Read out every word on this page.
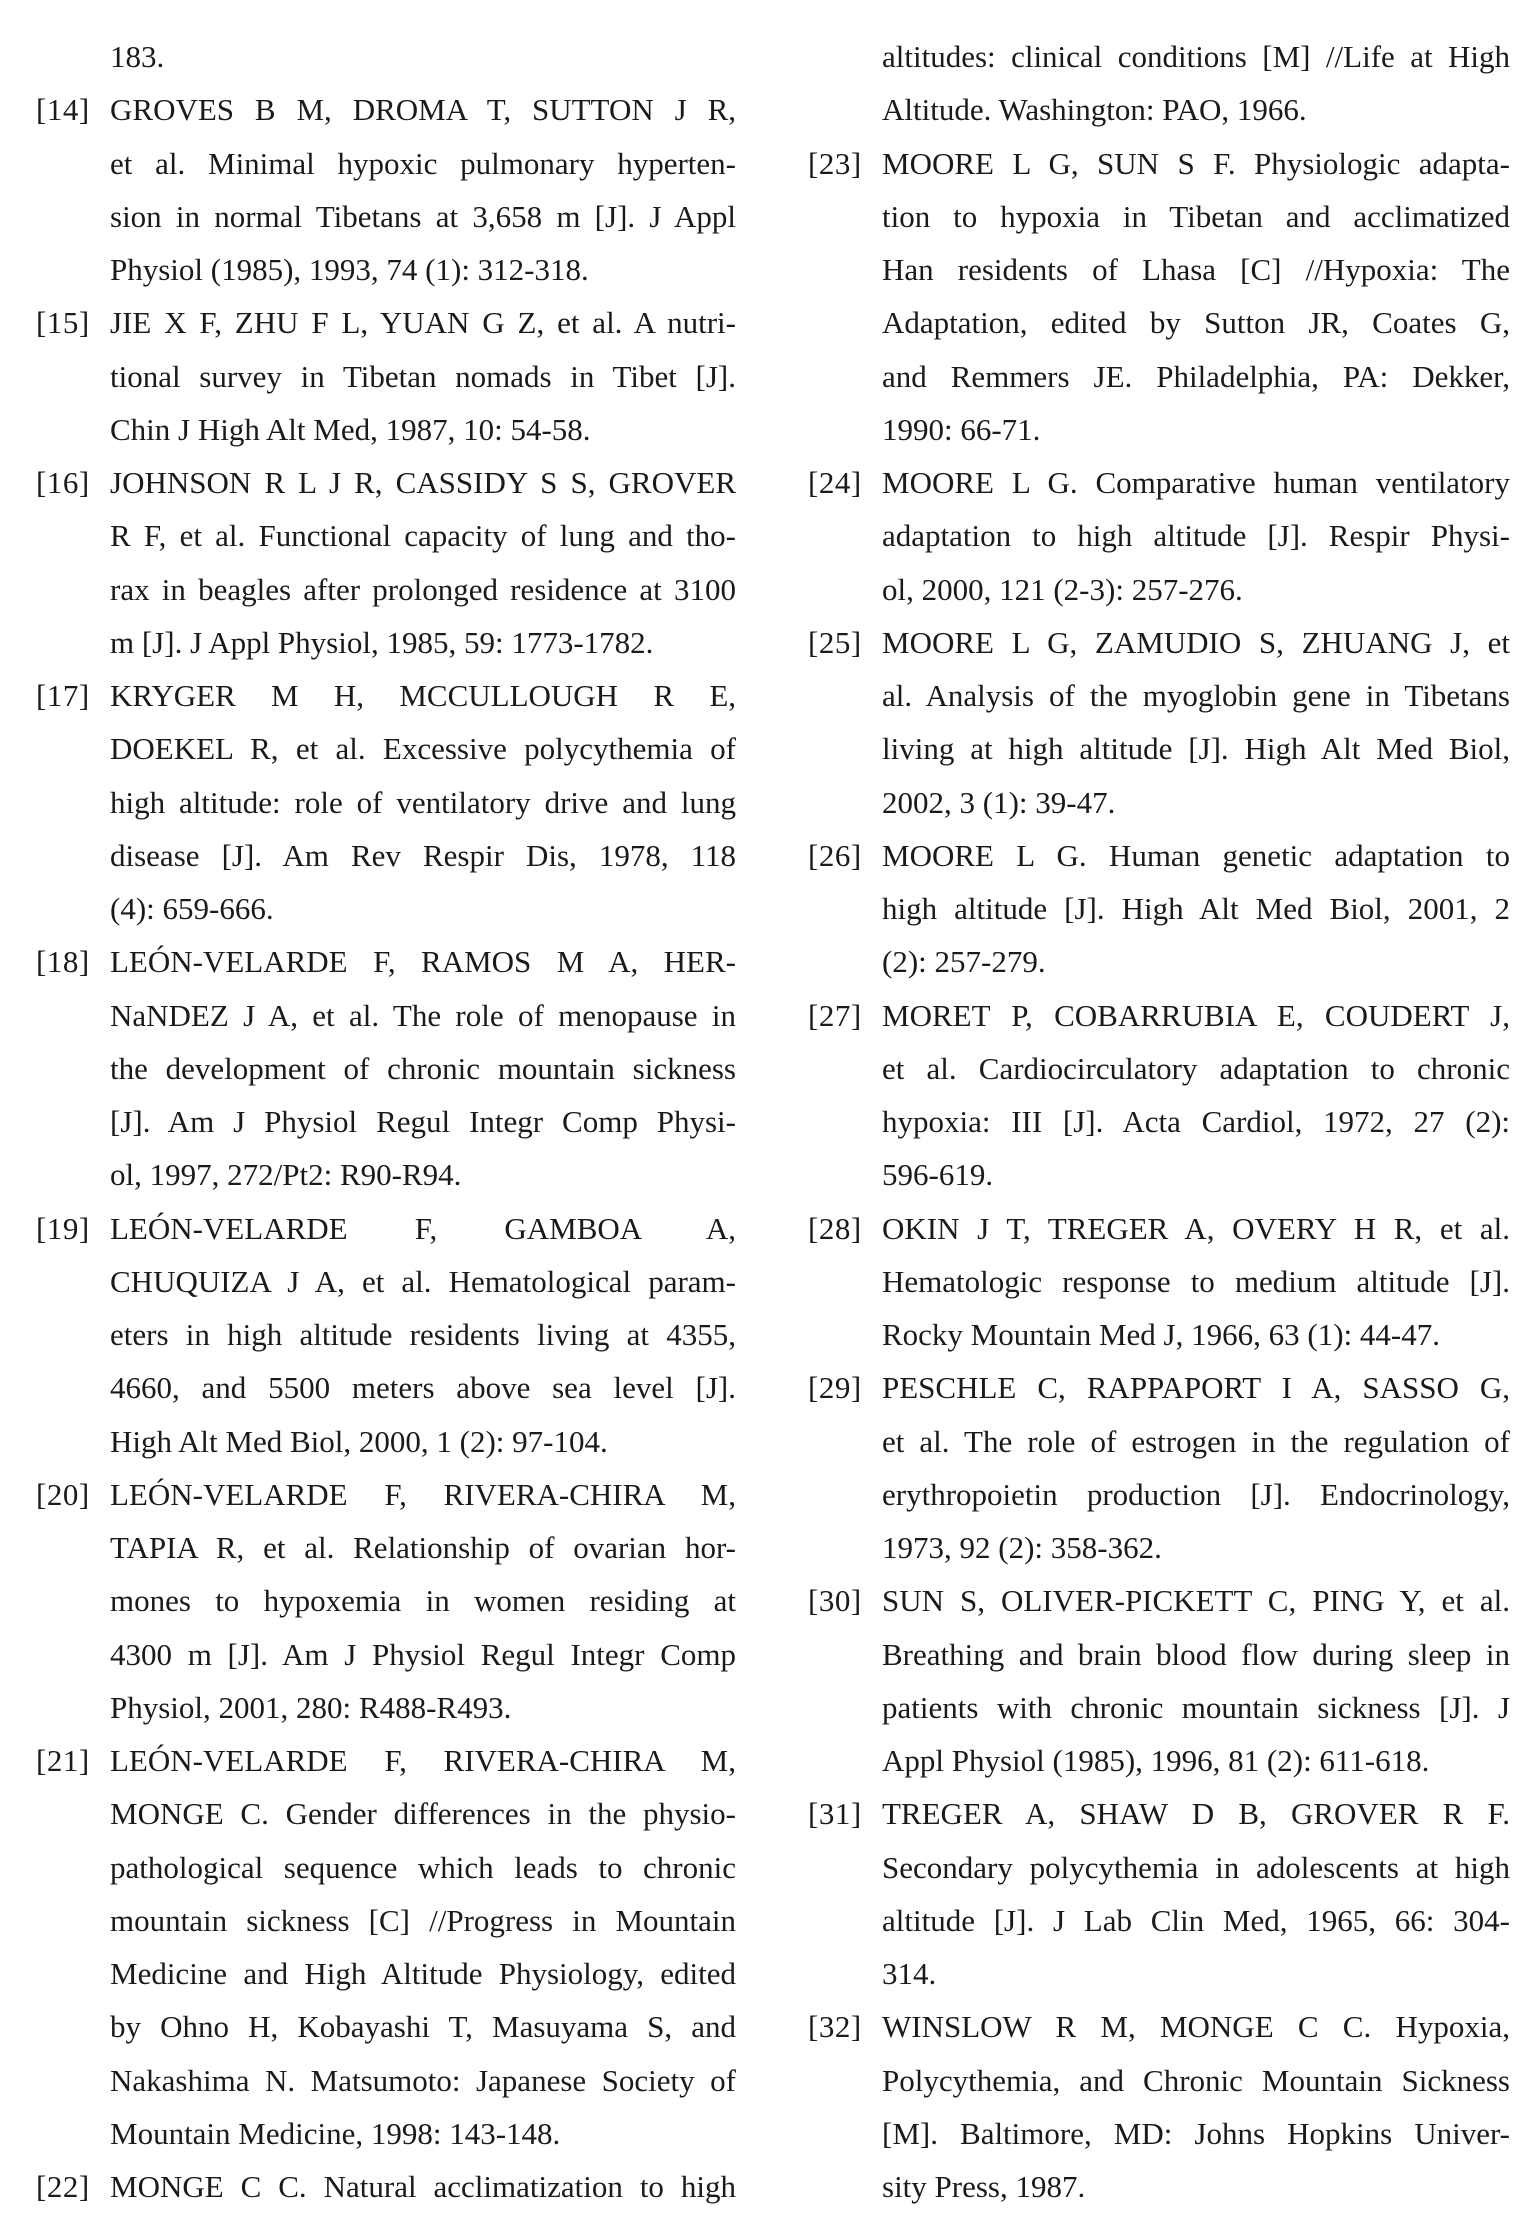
183.
[14] GROVES B M, DROMA T, SUTTON J R,
et al. Minimal hypoxic pulmonary hyperten-
sion in normal Tibetans at 3,658 m [J]. J Appl
Physiol (1985), 1993, 74 (1): 312-318.
[15] JIE X F, ZHU F L, YUAN G Z, et al. A nutri-
tional survey in Tibetan nomads in Tibet [J].
Chin J High Alt Med, 1987, 10: 54-58.
[16] JOHNSON R L J R, CASSIDY S S, GROVER
R F, et al. Functional capacity of lung and tho-
rax in beagles after prolonged residence at 3100
m [J]. J Appl Physiol, 1985, 59: 1773-1782.
[17] KRYGER M H, MCCULLOUGH R E,
DOEKEL R, et al. Excessive polycythemia of
high altitude: role of ventilatory drive and lung
disease [J]. Am Rev Respir Dis, 1978, 118
(4): 659-666.
[18] LEÓN-VELARDE F, RAMOS M A, HER-
NaNDEZ J A, et al. The role of menopause in
the development of chronic mountain sickness
[J]. Am J Physiol Regul Integr Comp Physi-
ol, 1997, 272/Pt2: R90-R94.
[19] LEÓN-VELARDE F, GAMBOA A,
CHUQUIZA J A, et al. Hematological param-
eters in high altitude residents living at 4355,
4660, and 5500 meters above sea level [J].
High Alt Med Biol, 2000, 1 (2): 97-104.
[20] LEÓN-VELARDE F, RIVERA-CHIRA M,
TAPIA R, et al. Relationship of ovarian hor-
mones to hypoxemia in women residing at
4300 m [J]. Am J Physiol Regul Integr Comp
Physiol, 2001, 280: R488-R493.
[21] LEÓN-VELARDE F, RIVERA-CHIRA M,
MONGE C. Gender differences in the physio-
pathological sequence which leads to chronic
mountain sickness [C] //Progress in Mountain
Medicine and High Altitude Physiology, edited
by Ohno H, Kobayashi T, Masuyama S, and
Nakashima N. Matsumoto: Japanese Society of
Mountain Medicine, 1998: 143-148.
[22] MONGE C C. Natural acclimatization to high
altitudes: clinical conditions [M] //Life at High
Altitude. Washington: PAO, 1966.
[23] MOORE L G, SUN S F. Physiologic adapta-
tion to hypoxia in Tibetan and acclimatized
Han residents of Lhasa [C] //Hypoxia: The
Adaptation, edited by Sutton JR, Coates G,
and Remmers JE. Philadelphia, PA: Dekker,
1990: 66-71.
[24] MOORE L G. Comparative human ventilatory
adaptation to high altitude [J]. Respir Physi-
ol, 2000, 121 (2-3): 257-276.
[25] MOORE L G, ZAMUDIO S, ZHUANG J, et
al. Analysis of the myoglobin gene in Tibetans
living at high altitude [J]. High Alt Med Biol,
2002, 3 (1): 39-47.
[26] MOORE L G. Human genetic adaptation to
high altitude [J]. High Alt Med Biol, 2001, 2
(2): 257-279.
[27] MORET P, COBARRUBIA E, COUDERT J,
et al. Cardiocirculatory adaptation to chronic
hypoxia: III [J]. Acta Cardiol, 1972, 27 (2):
596-619.
[28] OKIN J T, TREGER A, OVERY H R, et al.
Hematologic response to medium altitude [J].
Rocky Mountain Med J, 1966, 63 (1): 44-47.
[29] PESCHLE C, RAPPAPORT I A, SASSO G,
et al. The role of estrogen in the regulation of
erythropoietin production [J]. Endocrinology,
1973, 92 (2): 358-362.
[30] SUN S, OLIVER-PICKETT C, PING Y, et al.
Breathing and brain blood flow during sleep in
patients with chronic mountain sickness [J]. J
Appl Physiol (1985), 1996, 81 (2): 611-618.
[31] TREGER A, SHAW D B, GROVER R F.
Secondary polycythemia in adolescents at high
altitude [J]. J Lab Clin Med, 1965, 66: 304-
314.
[32] WINSLOW R M, MONGE C C. Hypoxia,
Polycythemia, and Chronic Mountain Sickness
[M]. Baltimore, MD: Johns Hopkins Univer-
sity Press, 1987.
